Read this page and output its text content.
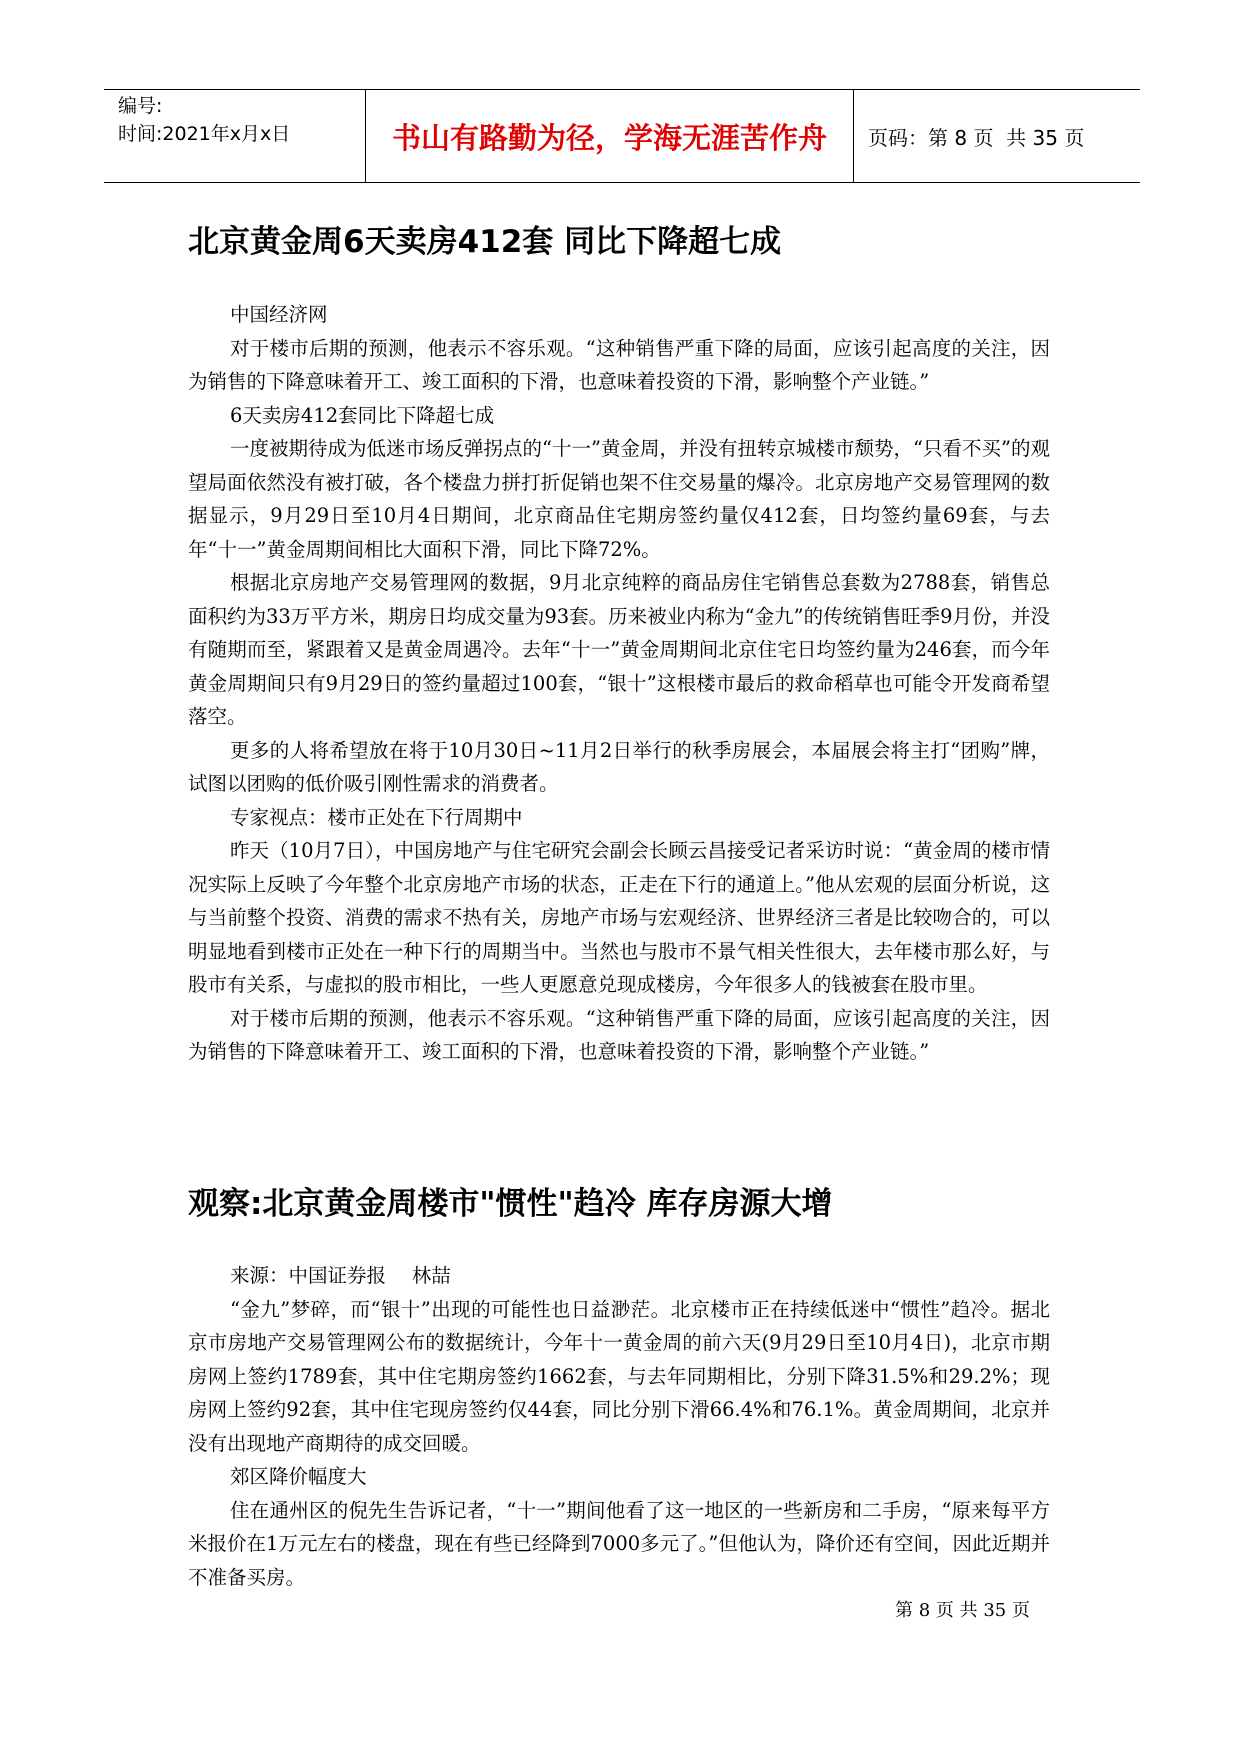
编号:
时间:2021年x月x日	书山有路勤为径，学海无涯苦作舟	页码：第 8 页  共 35 页
北京黄金周6天卖房412套 同比下降超七成

中国经济网

对于楼市后期的预测，他表示不容乐观。“这种销售严重下降的局面，应该引起高度的关注，因为销售的下降意味着开工、竣工面积的下滑，也意味着投资的下滑，影响整个产业链。”

6天卖房412套同比下降超七成

一度被期待成为低迷市场反弹拐点的“十一”黄金周，并没有扭转京城楼市颓势，“只看不买”的观望局面依然没有被打破，各个楼盘力拼打折促销也架不住交易量的爆冷。北京房地产交易管理网的数据显示，9月29日至10月4日期间，北京商品住宅期房签约量仅412套，日均签约量69套，与去年“十一”黄金周期间相比大面积下滑，同比下降72%。

根据北京房地产交易管理网的数据，9月北京纯粹的商品房住宅销售总套数为2788套，销售总面积约为33万平方米，期房日均成交量为93套。历来被业内称为“金九”的传统销售旺季9月份，并没有随期而至，紧跟着又是黄金周遇冷。去年“十一”黄金周期间北京住宅日均签约量为246套，而今年黄金周期间只有9月29日的签约量超过100套，“银十”这根楼市最后的救命稻草也可能令开发商希望落空。

更多的人将希望放在将于10月30日~11月2日举行的秋季房展会，本届展会将主打“团购”牌，试图以团购的低价吸引刚性需求的消费者。

专家视点：楼市正处在下行周期中

昨天（10月7日），中国房地产与住宅研究会副会长顾云昌接受记者采访时说：“黄金周的楼市情况实际上反映了今年整个北京房地产市场的状态，正走在下行的通道上。”他从宏观的层面分析说，这与当前整个投资、消费的需求不热有关，房地产市场与宏观经济、世界经济三者是比较吻合的，可以明显地看到楼市正处在一种下行的周期当中。当然也与股市不景气相关性很大，去年楼市那么好，与股市有关系，与虚拟的股市相比，一些人更愿意兑现成楼房，今年很多人的钱被套在股市里。

对于楼市后期的预测，他表示不容乐观。“这种销售严重下降的局面，应该引起高度的关注，因为销售的下降意味着开工、竣工面积的下滑，也意味着投资的下滑，影响整个产业链。”

观察:北京黄金周楼市"惯性"趋冷 库存房源大增

来源：中国证券报　 林喆

“金九”梦碎，而“银十”出现的可能性也日益渺茫。北京楼市正在持续低迷中“惯性”趋冷。据北京市房地产交易管理网公布的数据统计，今年十一黄金周的前六天(9月29日至10月4日)，北京市期房网上签约1789套，其中住宅期房签约1662套，与去年同期相比，分别下降31.5%和29.2%；现房网上签约92套，其中住宅现房签约仅44套，同比分别下滑66.4%和76.1%。黄金周期间，北京并没有出现地产商期待的成交回暖。

郊区降价幅度大

住在通州区的倪先生告诉记者，“十一”期间他看了这一地区的一些新房和二手房，“原来每平方米报价在1万元左右的楼盘，现在有些已经降到7000多元了。”但他认为，降价还有空间，因此近期并不准备买房。

第 8 页 共 35 页
